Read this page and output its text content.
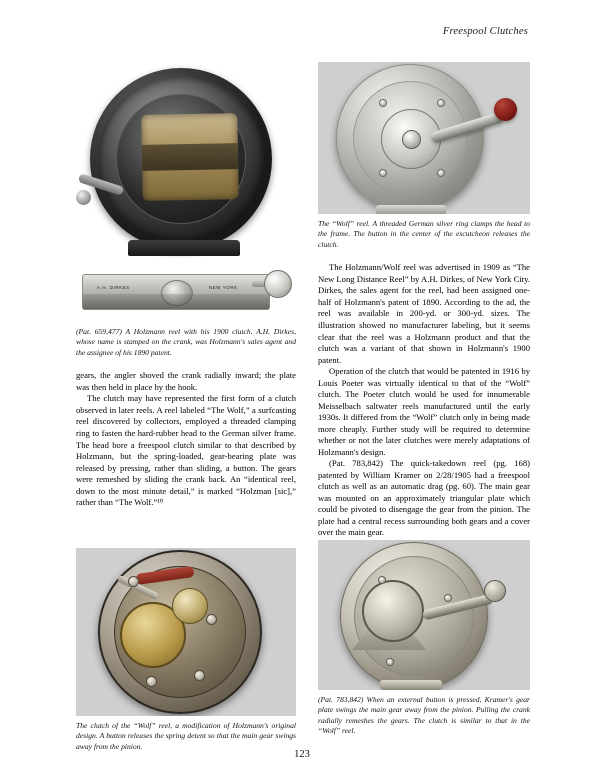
Freespool Clutches
A.H. DIRKES	NEW YORK
(Pat. 659,477) A Holzmann reel with his 1900 clutch. A.H. Dirkes, whose name is stamped on the crank, was Holzmann's sales agent and the assignee of his 1890 patent.

gears, the angler shoved the crank radially inward; the plate was then held in place by the hook.

The clutch may have represented the first form of a clutch observed in later reels. A reel labeled “The Wolf,” a surfcasting reel discovered by collectors, employed a threaded clamping ring to fasten the hard-rubber head to the German silver frame. The head bore a freespool clutch similar to that described by Holzmann, but the spring-loaded, gear-bearing plate was released by pressing, rather than sliding, a button. The gears were remeshed by sliding the crank back. An “identical reel, down to the most minute detail,” is marked “Holzman [sic],” rather than “The Wolf.”¹⁰

The clutch of the “Wolf” reel, a modification of Holzmann's original design. A button releases the spring detent so that the main gear swings away from the pinion.
The “Wolf” reel. A threaded German silver ring clamps the head to the frame. The button in the center of the escutcheon releases the clutch.

The Holzmann/Wolf reel was advertised in 1909 as “The New Long Distance Reel” by A.H. Dirkes, of New York City. Dirkes, the sales agent for the reel, had been assigned one-half of Holzmann's patent of 1890. According to the ad, the reel was available in 200-yd. or 300-yd. sizes. The illustration showed no manufacturer labeling, but it seems clear that the reel was a Holzmann product and that the clutch was a variant of that shown in Holzmann's 1900 patent.

Operation of the clutch that would be patented in 1916 by Louis Poeter was virtually identical to that of the “Wolf” clutch. The Poeter clutch would be used for innumerable Meisselbach saltwater reels manufactured until the early 1930s. It differed from the “Wolf” clutch only in being made more cheaply. Further study will be required to determine whether or not the later clutches were merely adaptations of Holzmann's design.

(Pat. 783,842) The quick-takedown reel (pg. 168) patented by William Kramer on 2/28/1905 had a freespool clutch as well as an automatic drag (pg. 60). The main gear was mounted on an approximately triangular plate which could be pivoted to disengage the gear from the pinion. The plate had a central recess surrounding both gears and a cover over the main gear.

(Pat. 783,842) When an external button is pressed, Kramer's gear plate swings the main gear away from the pinion. Pulling the crank radially remeshes the gears. The clutch is similar to that in the “Wolf” reel.
123
